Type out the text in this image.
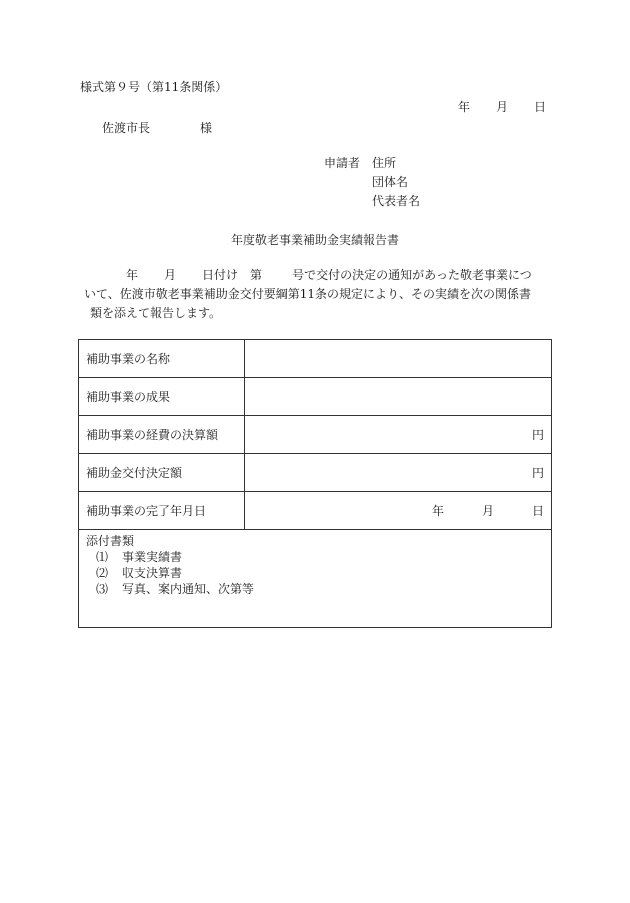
様式第９号（第11条関係）
年 月 日
佐渡市長	様
申請者 住所
団体名
代表者名
年度敬老事業補助金実績報告書
年 月 日付け 第	号で交付の決定の通知があった敬老事業につ
いて、佐渡市敬老事業補助金交付要綱第11条の規定により、その実績を次の関係書
類を添えて報告します。
補助事業の名称	
補助事業の成果	
補助事業の経費の決算額	円
補助金交付決定額	円
補助事業の完了年月日	年 月 日

添付書類
⑴ 事業実績書
⑵ 収支決算書
⑶ 写真、案内通知、次第等	
